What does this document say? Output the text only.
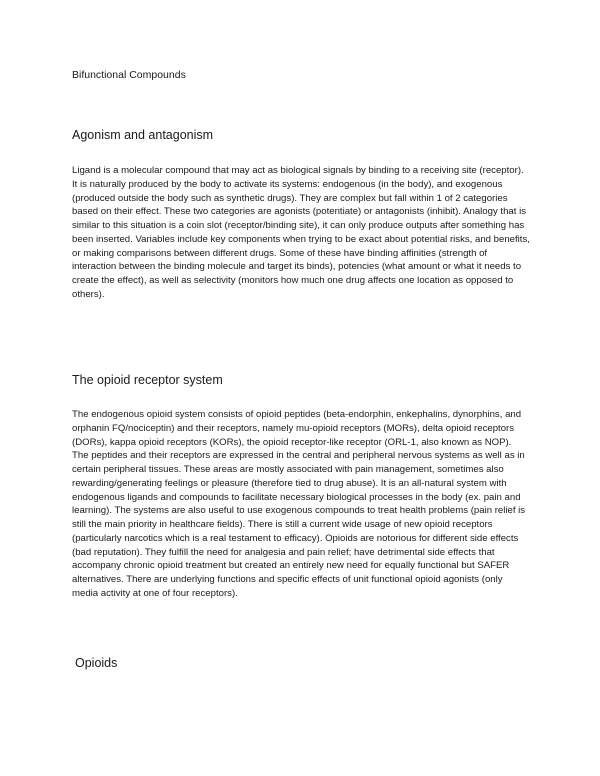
Bifunctional Compounds
Agonism and antagonism

Ligand is a molecular compound that may act as biological signals by binding to a receiving site (receptor). It is naturally produced by the body to activate its systems: endogenous (in the body), and exogenous (produced outside the body such as synthetic drugs). They are complex but fall within 1 of 2 categories based on their effect. These two categories are agonists (potentiate) or antagonists (inhibit). Analogy that is similar to this situation is a coin slot (receptor/binding site), it can only produce outputs after something has been inserted. Variables include key components when trying to be exact about potential risks, and benefits, or making comparisons between different drugs. Some of these have binding affinities (strength of interaction between the binding molecule and target its binds), potencies (what amount or what it needs to create the effect), as well as selectivity (monitors how much one drug affects one location as opposed to others).

The opioid receptor system

The endogenous opioid system consists of opioid peptides (beta-endorphin, enkephalins, dynorphins, and orphanin FQ/nociceptin) and their receptors, namely mu-opioid receptors (MORs), delta opioid receptors (DORs), kappa opioid receptors (KORs), the opioid receptor-like receptor (ORL-1, also known as NOP). The peptides and their receptors are expressed in the central and peripheral nervous systems as well as in certain peripheral tissues. These areas are mostly associated with pain management, sometimes also rewarding/generating feelings or pleasure (therefore tied to drug abuse). It is an all-natural system with endogenous ligands and compounds to facilitate necessary biological processes in the body (ex. pain and learning). The systems are also useful to use exogenous compounds to treat health problems (pain relief is still the main priority in healthcare fields). There is still a current wide usage of new opioid receptors (particularly narcotics which is a real testament to efficacy). Opioids are notorious for different side effects (bad reputation). They fulfill the need for analgesia and pain relief; have detrimental side effects that accompany chronic opioid treatment but created an entirely new need for equally functional but SAFER alternatives. There are underlying functions and specific effects of unit functional opioid agonists (only media activity at one of four receptors).

Opioids
